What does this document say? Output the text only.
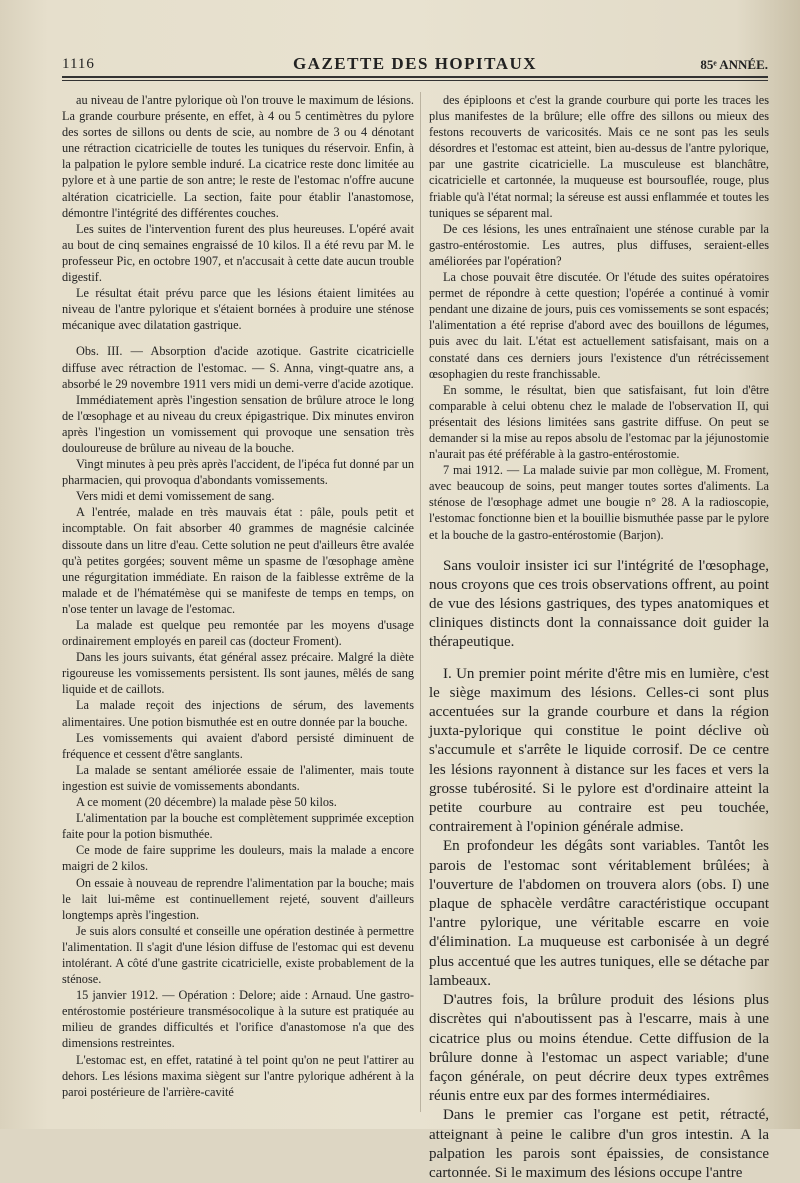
1116	GAZETTE DES HOPITAUX	85ᵉ ANNÉE.

au niveau de l'antre pylorique où l'on trouve le maximum de lésions. La grande courbure présente, en effet, à 4 ou 5 centimètres du pylore des sortes de sillons ou dents de scie, au nombre de 3 ou 4 dénotant une rétraction cicatricielle de toutes les tuniques du réservoir. Enfin, à la palpation le pylore semble induré. La cicatrice reste donc limitée au pylore et à une partie de son antre; le reste de l'estomac n'offre aucune altération cicatricielle. La section, faite pour établir l'anastomose, démontre l'intégrité des différentes couches.

Les suites de l'intervention furent des plus heureuses. L'opéré avait au bout de cinq semaines engraissé de 10 kilos. Il a été revu par M. le professeur Pic, en octobre 1907, et n'accusait à cette date aucun trouble digestif.

Le résultat était prévu parce que les lésions étaient limitées au niveau de l'antre pylorique et s'étaient bornées à produire une sténose mécanique avec dilatation gastrique.

Obs. III. — Absorption d'acide azotique. Gastrite cicatricielle diffuse avec rétraction de l'estomac. — S. Anna, vingt-quatre ans, a absorbé le 29 novembre 1911 vers midi un demi-verre d'acide azotique.

Immédiatement après l'ingestion sensation de brûlure atroce le long de l'œsophage et au niveau du creux épigastrique. Dix minutes environ après l'ingestion un vomissement qui provoque une sensation très douloureuse de brûlure au niveau de la bouche.

Vingt minutes à peu près après l'accident, de l'ipéca fut donné par un pharmacien, qui provoqua d'abondants vomissements.

Vers midi et demi vomissement de sang.

A l'entrée, malade en très mauvais état : pâle, pouls petit et incomptable. On fait absorber 40 grammes de magnésie calcinée dissoute dans un litre d'eau. Cette solution ne peut d'ailleurs être avalée qu'à petites gorgées; souvent même un spasme de l'œsophage amène une régurgitation immédiate. En raison de la faiblesse extrême de la malade et de l'hématémèse qui se manifeste de temps en temps, on n'ose tenter un lavage de l'estomac.

La malade est quelque peu remontée par les moyens d'usage ordinairement employés en pareil cas (docteur Froment).

Dans les jours suivants, état général assez précaire. Malgré la diète rigoureuse les vomissements persistent. Ils sont jaunes, mêlés de sang liquide et de caillots.

La malade reçoit des injections de sérum, des lavements alimentaires. Une potion bismuthée est en outre donnée par la bouche.

Les vomissements qui avaient d'abord persisté diminuent de fréquence et cessent d'être sanglants.

La malade se sentant améliorée essaie de l'alimenter, mais toute ingestion est suivie de vomissements abondants.

A ce moment (20 décembre) la malade pèse 50 kilos.

L'alimentation par la bouche est complètement supprimée exception faite pour la potion bismuthée.

Ce mode de faire supprime les douleurs, mais la malade a encore maigri de 2 kilos.

On essaie à nouveau de reprendre l'alimentation par la bouche; mais le lait lui-même est continuellement rejeté, souvent d'ailleurs longtemps après l'ingestion.

Je suis alors consulté et conseille une opération destinée à permettre l'alimentation. Il s'agit d'une lésion diffuse de l'estomac qui est devenu intolérant. A côté d'une gastrite cicatricielle, existe probablement de la sténose.

15 janvier 1912. — Opération : Delore; aide : Arnaud. Une gastro-entérostomie postérieure transmésocolique à la suture est pratiquée au milieu de grandes difficultés et l'orifice d'anastomose n'a que des dimensions restreintes.

L'estomac est, en effet, ratatiné à tel point qu'on ne peut l'attirer au dehors. Les lésions maxima siègent sur l'antre pylorique adhérent à la paroi postérieure de l'arrière-cavité

des épiploons et c'est la grande courbure qui porte les traces les plus manifestes de la brûlure; elle offre des sillons ou mieux des festons recouverts de varicosités. Mais ce ne sont pas les seuls désordres et l'estomac est atteint, bien au-dessus de l'antre pylorique, par une gastrite cicatricielle. La musculeuse est blanchâtre, cicatricielle et cartonnée, la muqueuse est boursouflée, rouge, plus friable qu'à l'état normal; la séreuse est aussi enflammée et toutes les tuniques se séparent mal.

De ces lésions, les unes entraînaient une sténose curable par la gastro-entérostomie. Les autres, plus diffuses, seraient-elles améliorées par l'opération?

La chose pouvait être discutée. Or l'étude des suites opératoires permet de répondre à cette question; l'opérée a continué à vomir pendant une dizaine de jours, puis ces vomissements se sont espacés; l'alimentation a été reprise d'abord avec des bouillons de légumes, puis avec du lait. L'état est actuellement satisfaisant, mais on a constaté dans ces derniers jours l'existence d'un rétrécissement œsophagien du reste franchissable.

En somme, le résultat, bien que satisfaisant, fut loin d'être comparable à celui obtenu chez le malade de l'observation II, qui présentait des lésions limitées sans gastrite diffuse. On peut se demander si la mise au repos absolu de l'estomac par la jéjunostomie n'aurait pas été préférable à la gastro-entérostomie.

7 mai 1912. — La malade suivie par mon collègue, M. Froment, avec beaucoup de soins, peut manger toutes sortes d'aliments. La sténose de l'œsophage admet une bougie n° 28. A la radioscopie, l'estomac fonctionne bien et la bouillie bismuthée passe par le pylore et la bouche de la gastro-entérostomie (Barjon).

Sans vouloir insister ici sur l'intégrité de l'œsophage, nous croyons que ces trois observations offrent, au point de vue des lésions gastriques, des types anatomiques et cliniques distincts dont la connaissance doit guider la thérapeutique.

I. Un premier point mérite d'être mis en lumière, c'est le siège maximum des lésions. Celles-ci sont plus accentuées sur la grande courbure et dans la région juxta-pylorique qui constitue le point déclive où s'accumule et s'arrête le liquide corrosif. De ce centre les lésions rayonnent à distance sur les faces et vers la grosse tubérosité. Si le pylore est d'ordinaire atteint la petite courbure au contraire est peu touchée, contrairement à l'opinion générale admise.

En profondeur les dégâts sont variables. Tantôt les parois de l'estomac sont véritablement brûlées; à l'ouverture de l'abdomen on trouvera alors (obs. I) une plaque de sphacèle verdâtre caractéristique occupant l'antre pylorique, une véritable escarre en voie d'élimination. La muqueuse est carbonisée à un degré plus accentué que les autres tuniques, elle se détache par lambeaux.

D'autres fois, la brûlure produit des lésions plus discrètes qui n'aboutissent pas à l'escarre, mais à une cicatrice plus ou moins étendue. Cette diffusion de la brûlure donne à l'estomac un aspect variable; d'une façon générale, on peut décrire deux types extrêmes réunis entre eux par des formes intermédiaires.

Dans le premier cas l'organe est petit, rétracté, atteignant à peine le calibre d'un gros intestin. A la palpation les parois sont épaissies, de consistance cartonnée. Si le maximum des lésions occupe l'antre
